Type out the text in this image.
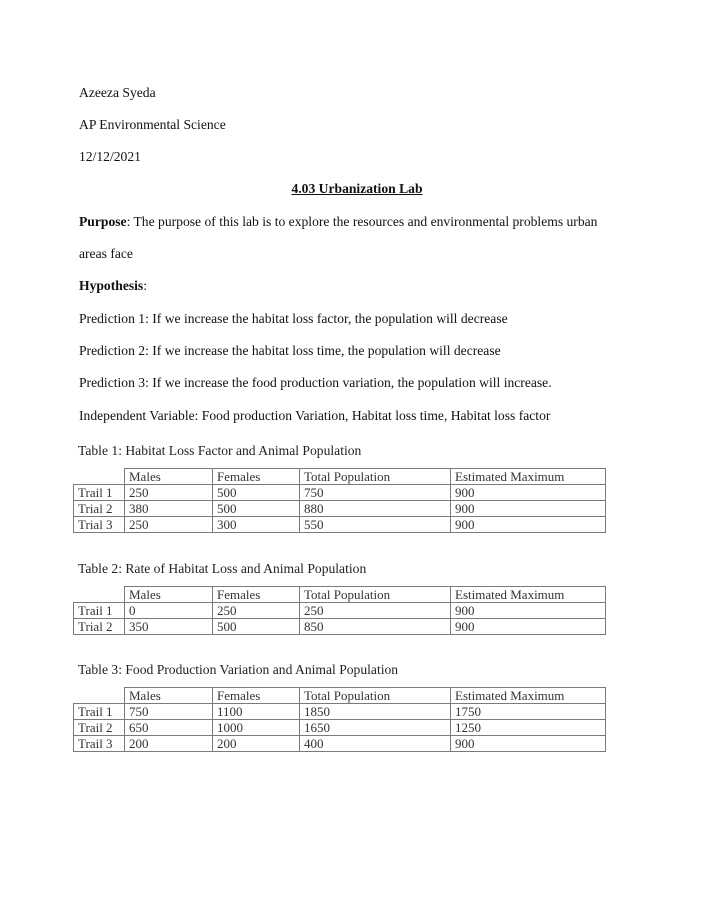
Azeeza Syeda
AP Environmental Science
12/12/2021
4.03 Urbanization Lab
Purpose: The purpose of this lab is to explore the resources and environmental problems urban
areas face
Hypothesis:
Prediction 1: If we increase the habitat loss factor, the population will decrease
Prediction 2: If we increase the habitat loss time, the population will decrease
Prediction 3: If we increase the food production variation, the population will increase.
Independent Variable: Food production Variation, Habitat loss time, Habitat loss factor
Table 1: Habitat Loss Factor and Animal Population
	Males	Females	Total Population	Estimated Maximum
Trail 1	250	500	750	900
Trial 2	380	500	880	900
Trial 3	250	300	550	900
Table 2: Rate of Habitat Loss and Animal Population
	Males	Females	Total Population	Estimated Maximum
Trail 1	0	250	250	900
Trial 2	350	500	850	900
Table 3: Food Production Variation and Animal Population
	Males	Females	Total Population	Estimated Maximum
Trail 1	750	1100	1850	1750
Trail 2	650	1000	1650	1250
Trail 3	200	200	400	900
